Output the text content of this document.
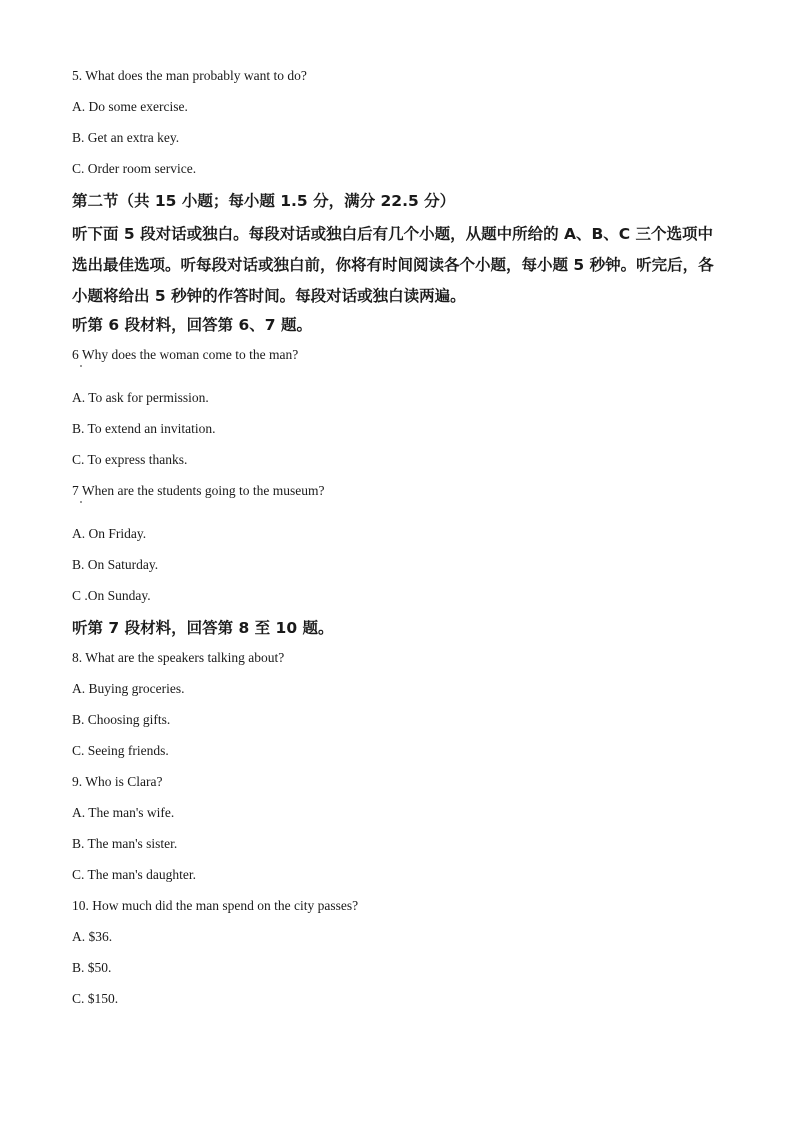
5. What does the man probably want to do?
A. Do some exercise.
B. Get an extra key.
C. Order room service.
第二节（共 15 小题；每小题 1.5 分，满分 22.5 分）

听下面 5 段对话或独白。每段对话或独白后有几个小题，从题中所给的 A、B、C 三个选项中选出最佳选项。听每段对话或独白前，你将有时间阅读各个小题，每小题 5 秒钟。听完后，各小题将给出 5 秒钟的作答时间。每段对话或独白读两遍。

听第 6 段材料，回答第 6、7 题。
6 Why does the woman come to the man?
A. To ask for permission.
B. To extend an invitation.
C. To express thanks.
7 When are the students going to the museum?
A. On Friday.
B. On Saturday.
C .On Sunday.
听第 7 段材料，回答第 8 至 10 题。
8. What are the speakers talking about?
A. Buying groceries.
B. Choosing gifts.
C. Seeing friends.
9. Who is Clara?
A. The man's wife.
B. The man's sister.
C. The man's daughter.
10. How much did the man spend on the city passes?
A. $36.
B. $50.
C. $150.
